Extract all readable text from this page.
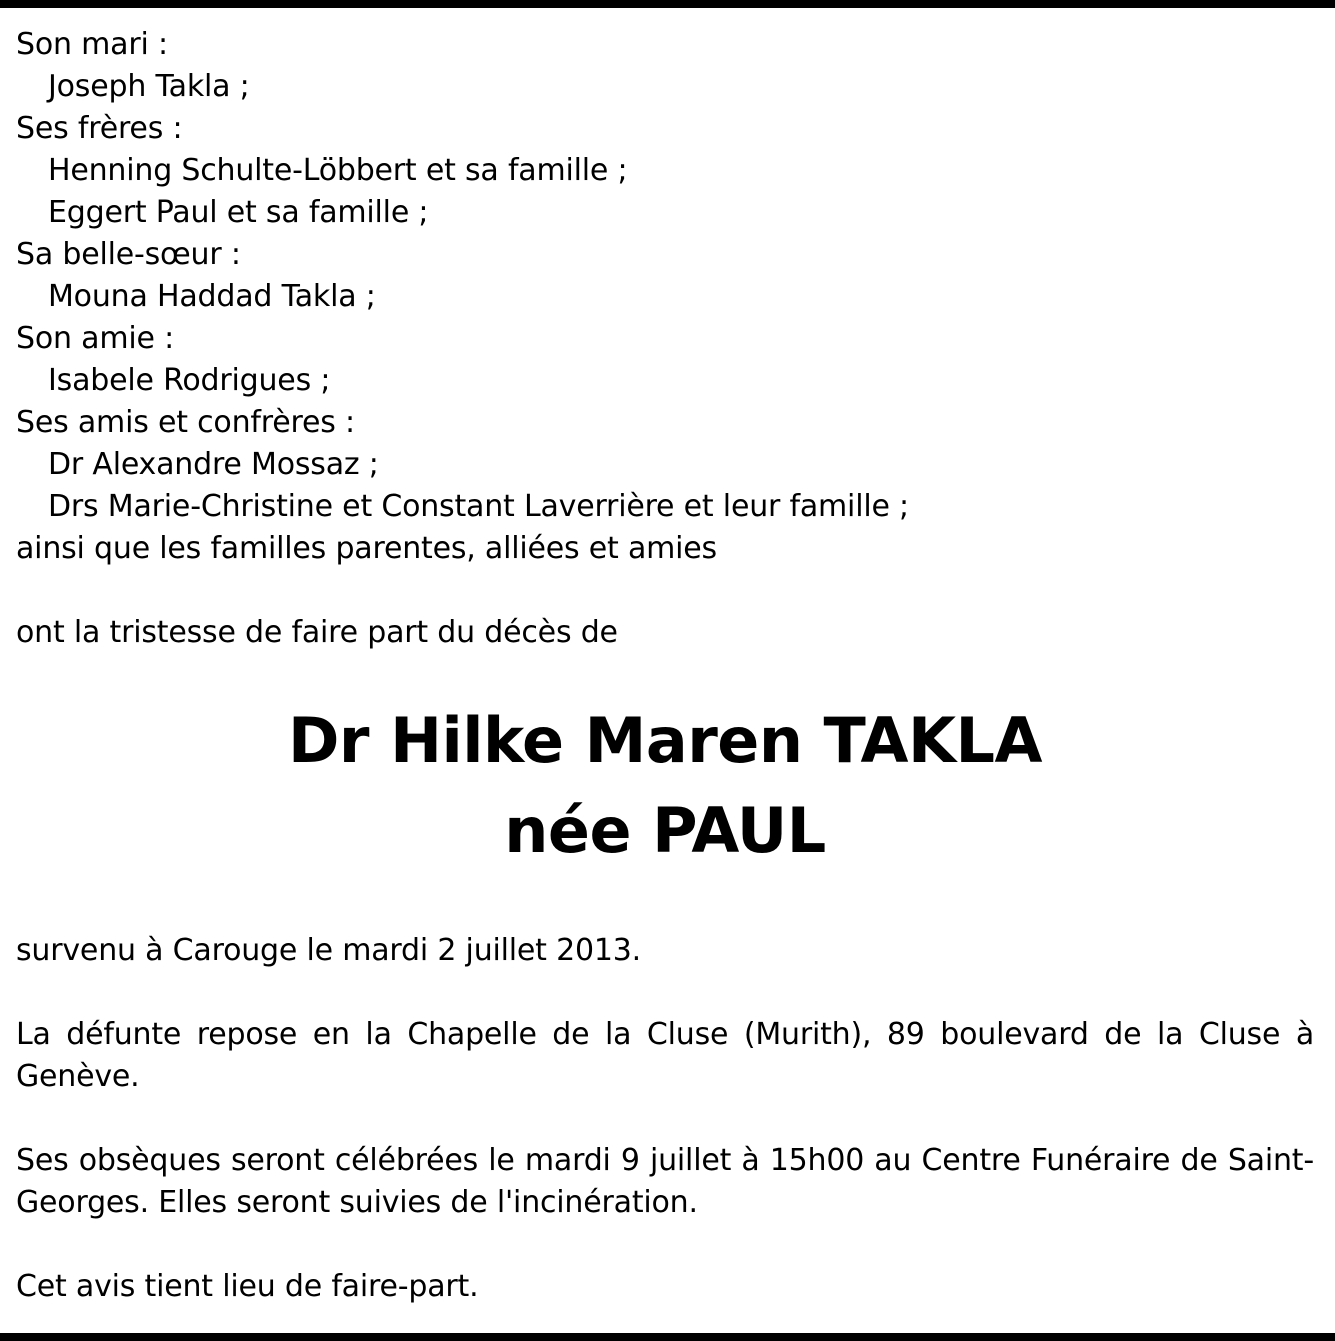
Son mari :
Joseph Takla ;
Ses frères :
Henning Schulte-Löbbert et sa famille ;
Eggert Paul et sa famille ;
Sa belle-sœur :
Mouna Haddad Takla ;
Son amie :
Isabele Rodrigues ;
Ses amis et confrères :
Dr Alexandre Mossaz ;
Drs Marie-Christine et Constant Laverrière et leur famille ;
ainsi que les familles parentes, alliées et amies
ont la tristesse de faire part du décès de
Dr Hilke Maren TAKLA
née PAUL

survenu à Carouge le mardi 2 juillet 2013.

La défunte repose en la Chapelle de la Cluse (Murith), 89 boulevard de la Cluse à Genève.

Ses obsèques seront célébrées le mardi 9 juillet à 15h00 au Centre Funéraire de Saint-Georges. Elles seront suivies de l'incinération.

Cet avis tient lieu de faire-part.
